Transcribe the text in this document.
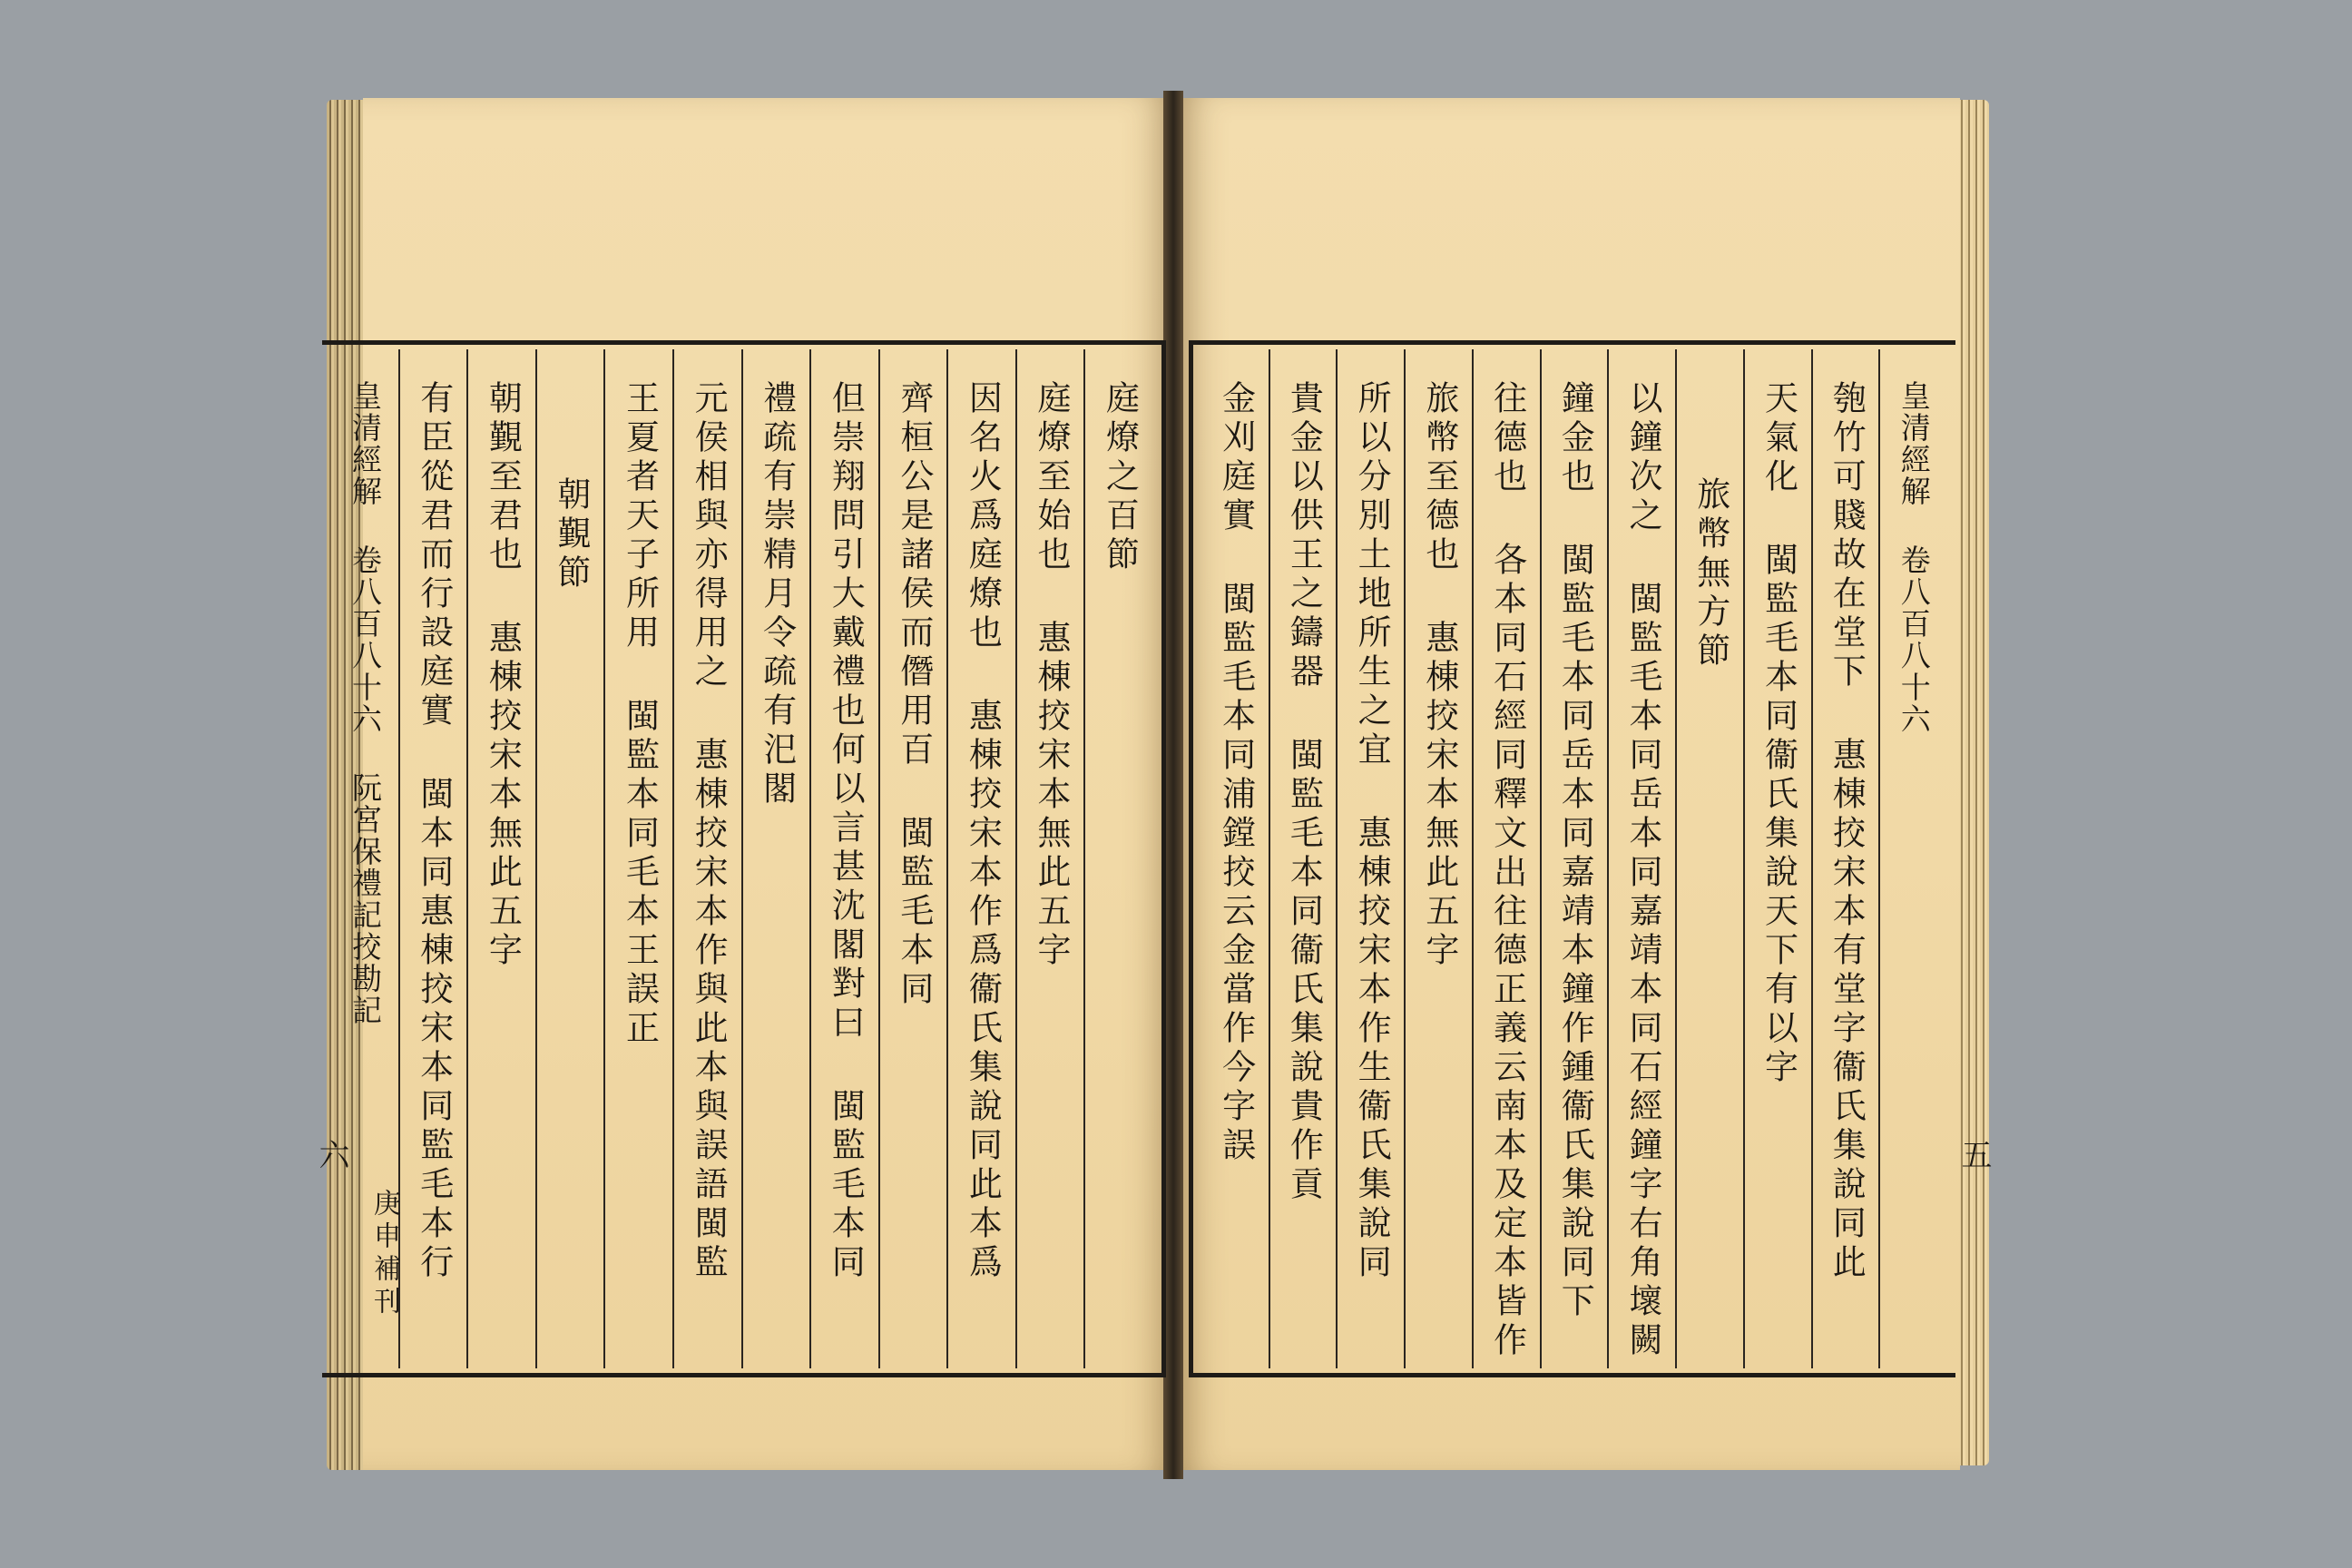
庭燎之百節
庭燎至始也 惠棟挍宋本無此五字
因名火爲庭燎也 惠棟挍宋本作爲衞氏集說同此本爲
齊桓公是諸侯而僭用百 閩監毛本同
但崇翔問引大戴禮也何以言甚沈閣對曰 閩監毛本同
禮疏有崇精月令疏有汜閣
元侯相與亦得用之 惠棟挍宋本作與此本與誤語閩監
王夏者天子所用 閩監本同毛本王誤正
朝覲節
朝覲至君也 惠棟挍宋本無此五字
有臣從君而行設庭實 閩本同惠棟挍宋本同監毛本行
皇清經解 卷八百八十六 阮宮保禮記挍勘記	皇清經解 卷八百八十六
匏竹可賤故在堂下 惠棟挍宋本有堂字衞氏集說同此
天氣化 閩監毛本同衞氏集說天下有以字
旅幣無方節
以鐘次之 閩監毛本同岳本同嘉靖本同石經鐘字右角壞闕
鐘金也 閩監毛本同岳本同嘉靖本鐘作鍾衞氏集說同下
往德也 各本同石經同釋文出往德正義云南本及定本皆作
旅幣至德也 惠棟挍宋本無此五字
所以分別土地所生之宜 惠棟挍宋本作生衞氏集說同
貴金以供王之鑄器 閩監毛本同衞氏集說貴作貢
金刈庭實 閩監毛本同浦鏜挍云金當作今字誤
六
庚申補刊
五
